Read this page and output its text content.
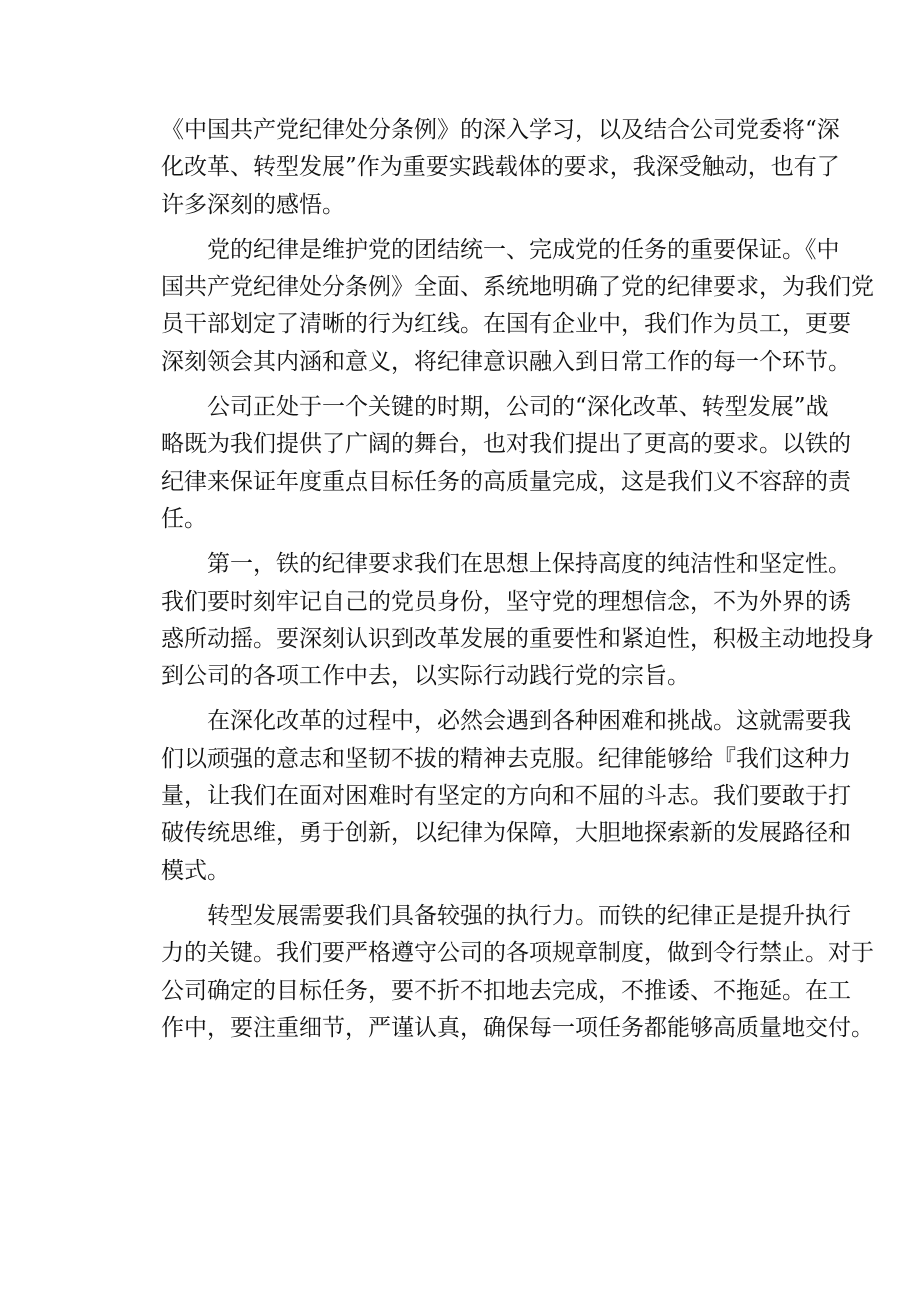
《中国共产党纪律处分条例》的深入学习，以及结合公司党委将“深
化改革、转型发展”作为重要实践载体的要求，我深受触动，也有了
许多深刻的感悟。
　　党的纪律是维护党的团结统一、完成党的任务的重要保证。《中
国共产党纪律处分条例》全面、系统地明确了党的纪律要求，为我们党
员干部划定了清晰的行为红线。在国有企业中，我们作为员工，更要
深刻领会其内涵和意义，将纪律意识融入到日常工作的每一个环节。
　　公司正处于一个关键的时期，公司的“深化改革、转型发展”战
略既为我们提供了广阔的舞台，也对我们提出了更高的要求。以铁的
纪律来保证年度重点目标任务的高质量完成，这是我们义不容辞的责
任。
　　第一，铁的纪律要求我们在思想上保持高度的纯洁性和坚定性。
我们要时刻牢记自己的党员身份，坚守党的理想信念，不为外界的诱
惑所动摇。要深刻认识到改革发展的重要性和紧迫性，积极主动地投身
到公司的各项工作中去，以实际行动践行党的宗旨。
　　在深化改革的过程中，必然会遇到各种困难和挑战。这就需要我
们以顽强的意志和坚韧不拔的精神去克服。纪律能够给『我们这种力
量，让我们在面对困难时有坚定的方向和不屈的斗志。我们要敢于打
破传统思维，勇于创新，以纪律为保障，大胆地探索新的发展路径和
模式。
　　转型发展需要我们具备较强的执行力。而铁的纪律正是提升执行
力的关键。我们要严格遵守公司的各项规章制度，做到令行禁止。对于
公司确定的目标任务，要不折不扣地去完成，不推诿、不拖延。在工
作中，要注重细节，严谨认真，确保每一项任务都能够高质量地交付。
